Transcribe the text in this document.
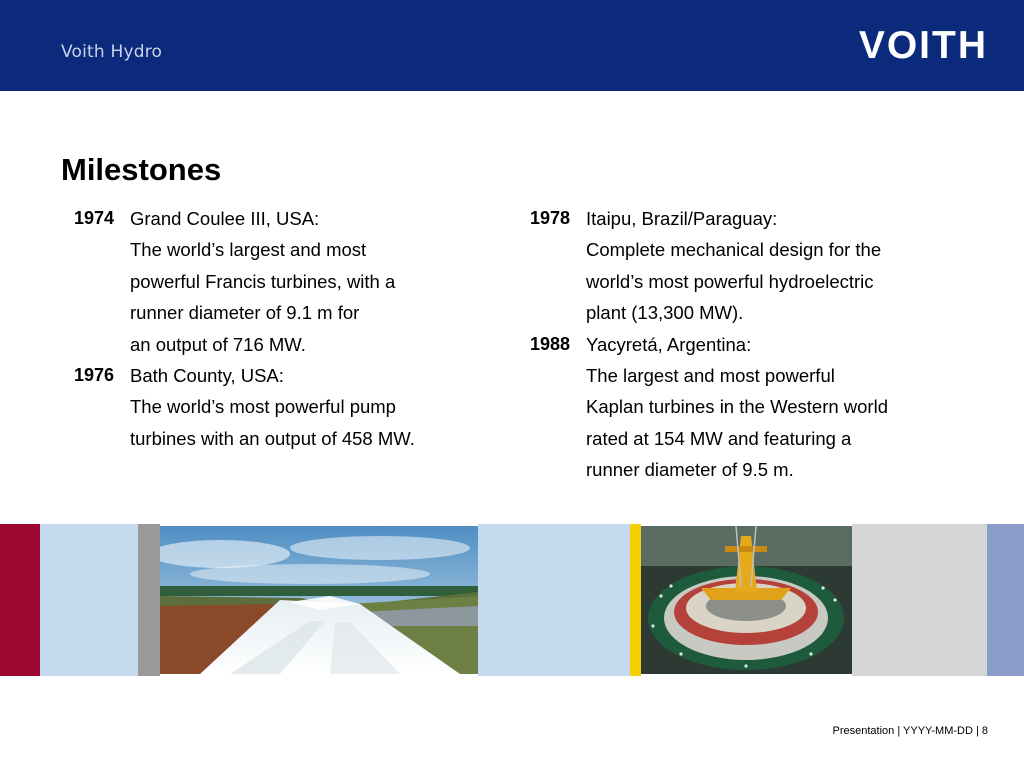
Voith Hydro	VOITH
Milestones
1974 Grand Coulee III, USA:
The world’s largest and most
powerful Francis turbines, with a
runner diameter of 9.1 m for
an output of 716 MW.
1976 Bath County, USA:
The world’s most powerful pump
turbines with an output of 458 MW.
1978 Itaipu, Brazil/Paraguay:
Complete mechanical design for the
world’s most powerful hydroelectric
plant (13,300 MW).
1988 Yacyretá, Argentina:
The largest and most powerful
Kaplan turbines in the Western world
rated at 154 MW and featuring a
runner diameter of 9.5 m.
Presentation | YYYY-MM-DD | 8
